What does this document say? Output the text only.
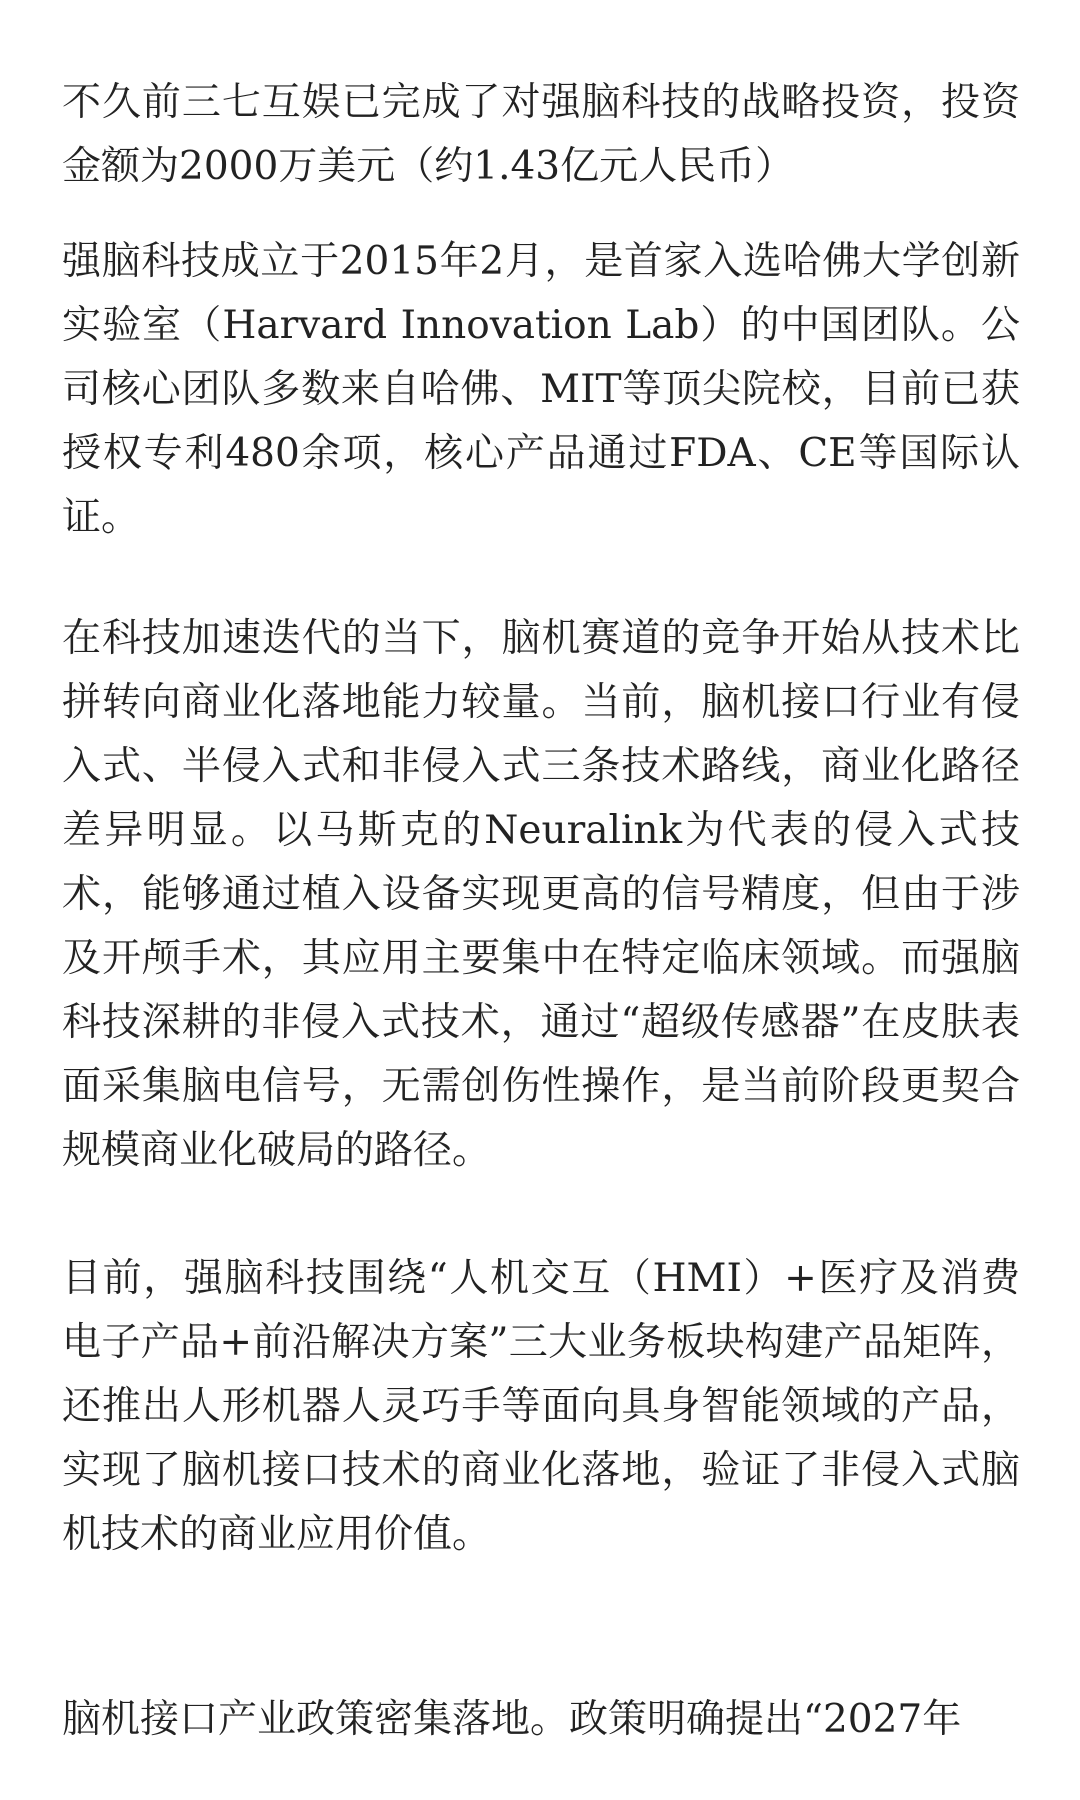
不久前三七互娱已完成了对强脑科技的战略投资，投资金额为2000万美元（约1.43亿元人民币）

强脑科技成立于2015年2月，是首家入选哈佛大学创新实验室（Harvard Innovation Lab）的中国团队。公司核心团队多数来自哈佛、MIT等顶尖院校，目前已获授权专利480余项，核心产品通过FDA、CE等国际认证。

在科技加速迭代的当下，脑机赛道的竞争开始从技术比拼转向商业化落地能力较量。当前，脑机接口行业有侵入式、半侵入式和非侵入式三条技术路线，商业化路径差异明显。以马斯克的Neuralink为代表的侵入式技术，能够通过植入设备实现更高的信号精度，但由于涉及开颅手术，其应用主要集中在特定临床领域。而强脑科技深耕的非侵入式技术，通过“超级传感器”在皮肤表面采集脑电信号，无需创伤性操作，是当前阶段更契合规模商业化破局的路径。

目前，强脑科技围绕“人机交互（HMI）+医疗及消费电子产品+前沿解决方案”三大业务板块构建产品矩阵，还推出人形机器人灵巧手等面向具身智能领域的产品，实现了脑机接口技术的商业化落地，验证了非侵入式脑机技术的商业应用价值。

脑机接口产业政策密集落地。政策明确提出“2027年
